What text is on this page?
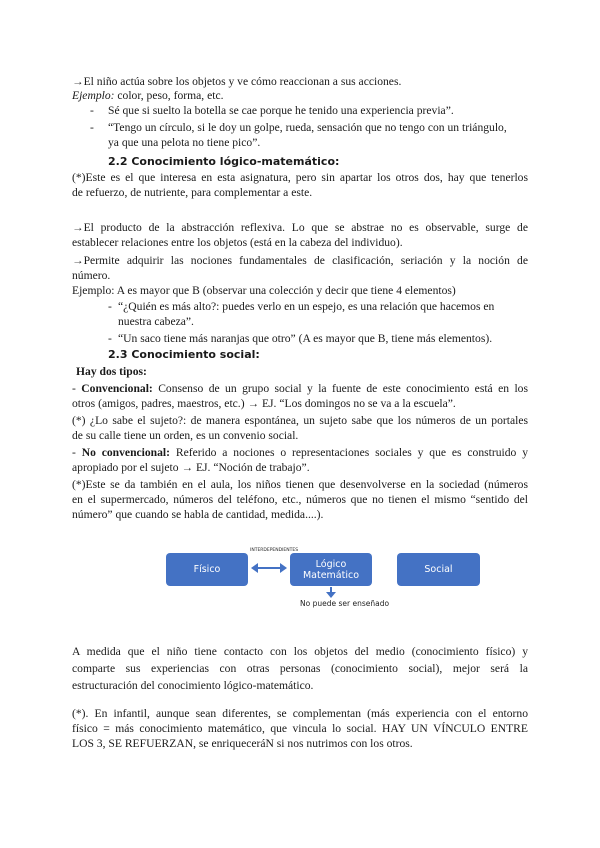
→El niño actúa sobre los objetos y ve cómo reaccionan a sus acciones.
Ejemplo: color, peso, forma, etc.
- Sé que si suelto la botella se cae porque he tenido una experiencia previa”.
- “Tengo un círculo, si le doy un golpe, rueda, sensación que no tengo con un triángulo,
ya que una pelota no tiene pico”.
2.2 Conocimiento lógico-matemático:
(*)Este es el que interesa en esta asignatura, pero sin apartar los otros dos, hay que tenerlos
de refuerzo, de nutriente, para complementar a este.
→El producto de la abstracción reflexiva. Lo que se abstrae no es observable, surge de
establecer relaciones entre los objetos (está en la cabeza del individuo).
→Permite adquirir las nociones fundamentales de clasificación, seriación y la noción de
número.
Ejemplo: A es mayor que B (observar una colección y decir que tiene 4 elementos)
- “¿Quién es más alto?: puedes verlo en un espejo, es una relación que hacemos en
nuestra cabeza”.
- “Un saco tiene más naranjas que otro” (A es mayor que B, tiene más elementos).
2.3 Conocimiento social:
Hay dos tipos:
- Convencional: Consenso de un grupo social y la fuente de este conocimiento está en los
otros (amigos, padres, maestros, etc.) → EJ. “Los domingos no se va a la escuela”.
(*) ¿Lo sabe el sujeto?: de manera espontánea, un sujeto sabe que los números de un portales
de su calle tiene un orden, es un convenio social.
- No convencional: Referido a nociones o representaciones sociales y que es construido y
apropiado por el sujeto → EJ. “Noción de trabajo”.
(*)Este se da también en el aula, los niños tienen que desenvolverse en la sociedad (números
en el supermercado, números del teléfono, etc., números que no tienen el mismo “sentido del
número” que cuando se habla de cantidad, medida....).
Físico
INTERDEPENDIENTES
Lógico Matemático	Social
No puede ser enseñado
A medida que el niño tiene contacto con los objetos del medio (conocimiento físico) y
comparte sus experiencias con otras personas (conocimiento social), mejor será la
estructuración del conocimiento lógico-matemático.
(*). En infantil, aunque sean diferentes, se complementan (más experiencia con el entorno
físico = más conocimiento matemático, que vincula lo social. HAY UN VÍNCULO ENTRE
LOS 3, SE REFUERZAN, se enriqueceráN si nos nutrimos con los otros.
